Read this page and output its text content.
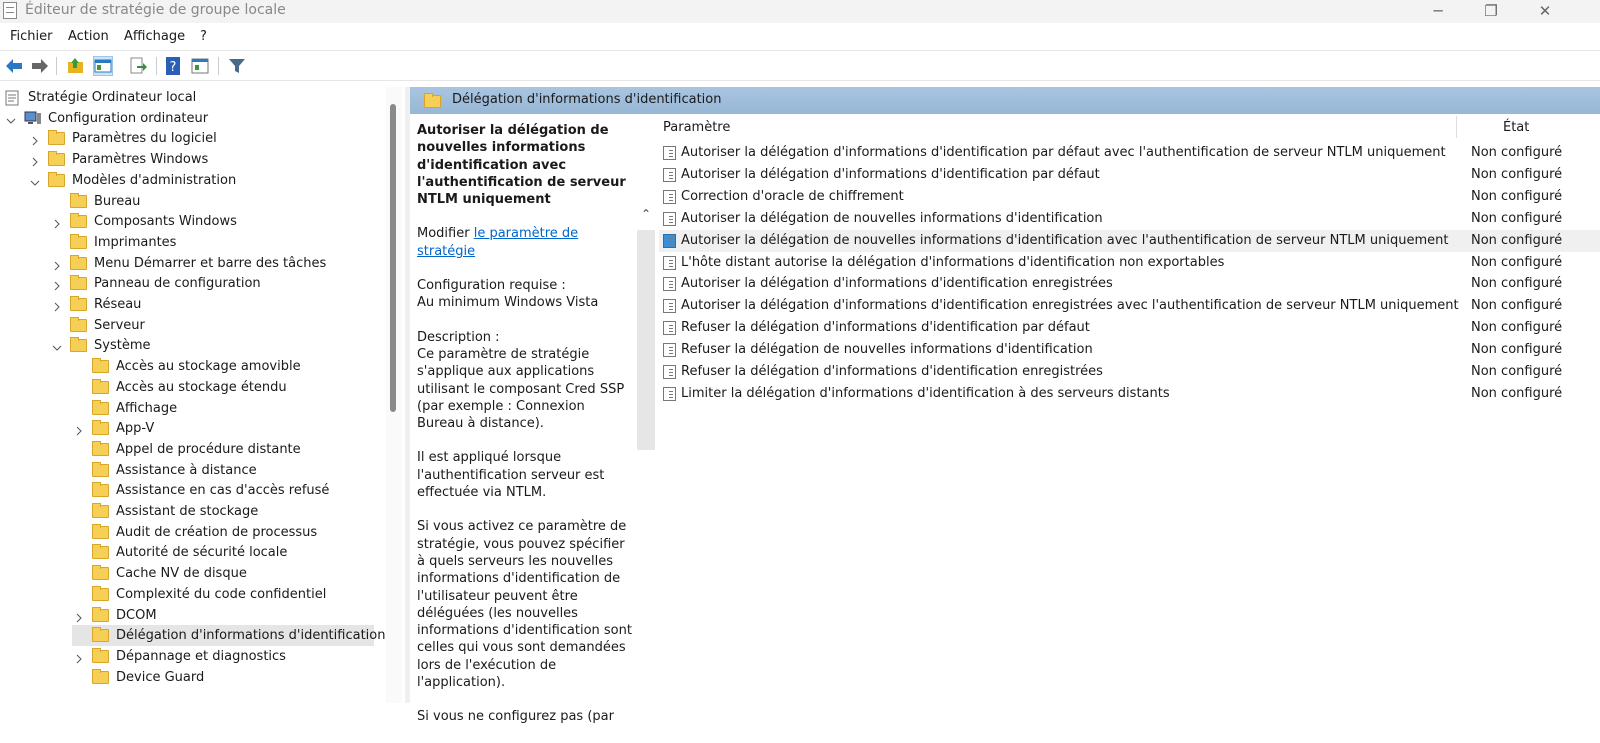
Éditeur de stratégie de groupe locale	─	❐	✕
Fichier Action Affichage ?
?
Stratégie Ordinateur local
Configuration ordinateur
Paramètres du logiciel
Paramètres Windows
Modèles d'administration
Bureau
Composants Windows
Imprimantes
Menu Démarrer et barre des tâches
Panneau de configuration
Réseau
Serveur
Système
Accès au stockage amovible
Accès au stockage étendu
Affichage
App-V
Appel de procédure distante
Assistance à distance
Assistance en cas d'accès refusé
Assistant de stockage
Audit de création de processus
Autorité de sécurité locale
Cache NV de disque
Complexité du code confidentiel
DCOM
Délégation d'informations d'identification
Dépannage et diagnostics
Device Guard
Délégation d'informations d'identification

Autoriser la délégation de nouvelles informations d'identification avec l'authentification de serveur NTLM uniquement

Modifier le paramètre de stratégie

Configuration requise :
Au minimum Windows Vista

Description :
Ce paramètre de stratégie s'applique aux applications utilisant le composant Cred SSP (par exemple : Connexion Bureau à distance).

Il est appliqué lorsque l'authentification serveur est effectuée via NTLM.

Si vous activez ce paramètre de stratégie, vous pouvez spécifier à quels serveurs les nouvelles informations d'identification de l'utilisateur peuvent être déléguées (les nouvelles informations d'identification sont celles qui vous sont demandées lors de l'exécution de l'application).

Si vous ne configurez pas (par

⌃
Paramètre	État
Autoriser la délégation d'informations d'identification par défaut avec l'authentification de serveur NTLM uniquement Non configuré
Autoriser la délégation d'informations d'identification par défaut	Non configuré
Correction d'oracle de chiffrement	Non configuré
Autoriser la délégation de nouvelles informations d'identification	Non configuré
Autoriser la délégation de nouvelles informations d'identification avec l'authentification de serveur NTLM uniquement Non configuré
L'hôte distant autorise la délégation d'informations d'identification non exportables	Non configuré
Autoriser la délégation d'informations d'identification enregistrées	Non configuré
Autoriser la délégation d'informations d'identification enregistrées avec l'authentification de serveur NTLM uniquement Non configuré
Refuser la délégation d'informations d'identification par défaut	Non configuré
Refuser la délégation de nouvelles informations d'identification	Non configuré
Refuser la délégation d'informations d'identification enregistrées	Non configuré
Limiter la délégation d'informations d'identification à des serveurs distants	Non configuré
